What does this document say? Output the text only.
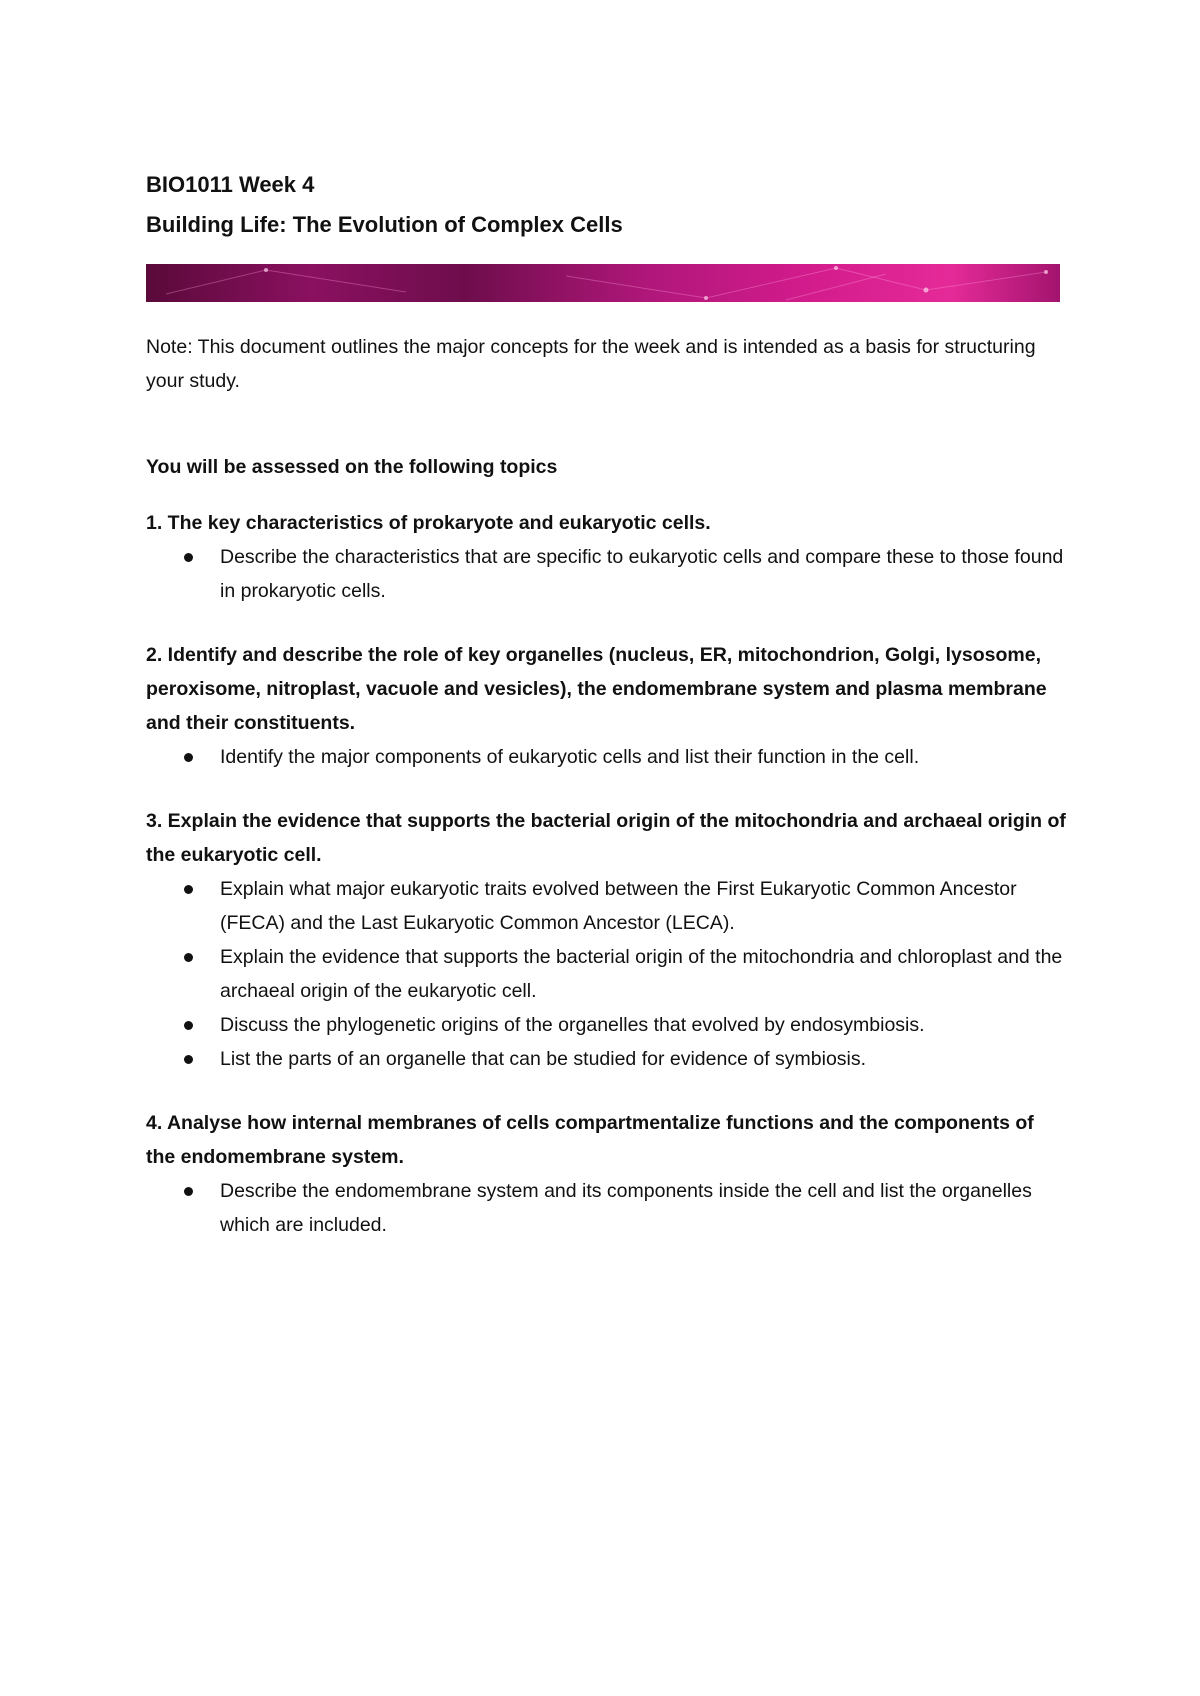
BIO1011 Week 4

Building Life: The Evolution of Complex Cells

Note: This document outlines the major concepts for the week and is intended as a basis for structuring your study.
You will be assessed on the following topics
1. The key characteristics of prokaryote and eukaryotic cells.
Describe the characteristics that are specific to eukaryotic cells and compare these to those found in prokaryotic cells.
2. Identify and describe the role of key organelles (nucleus, ER, mitochondrion, Golgi, lysosome, peroxisome, nitroplast, vacuole and vesicles), the endomembrane system and plasma membrane and their constituents.
Identify the major components of eukaryotic cells and list their function in the cell.
3. Explain the evidence that supports the bacterial origin of the mitochondria and archaeal origin of the eukaryotic cell.
Explain what major eukaryotic traits evolved between the First Eukaryotic Common Ancestor (FECA) and the Last Eukaryotic Common Ancestor (LECA).
Explain the evidence that supports the bacterial origin of the mitochondria and chloroplast and the archaeal origin of the eukaryotic cell.
Discuss the phylogenetic origins of the organelles that evolved by endosymbiosis.
List the parts of an organelle that can be studied for evidence of symbiosis.
4. Analyse how internal membranes of cells compartmentalize functions and the components of the endomembrane system.
Describe the endomembrane system and its components inside the cell and list the organelles which are included.
